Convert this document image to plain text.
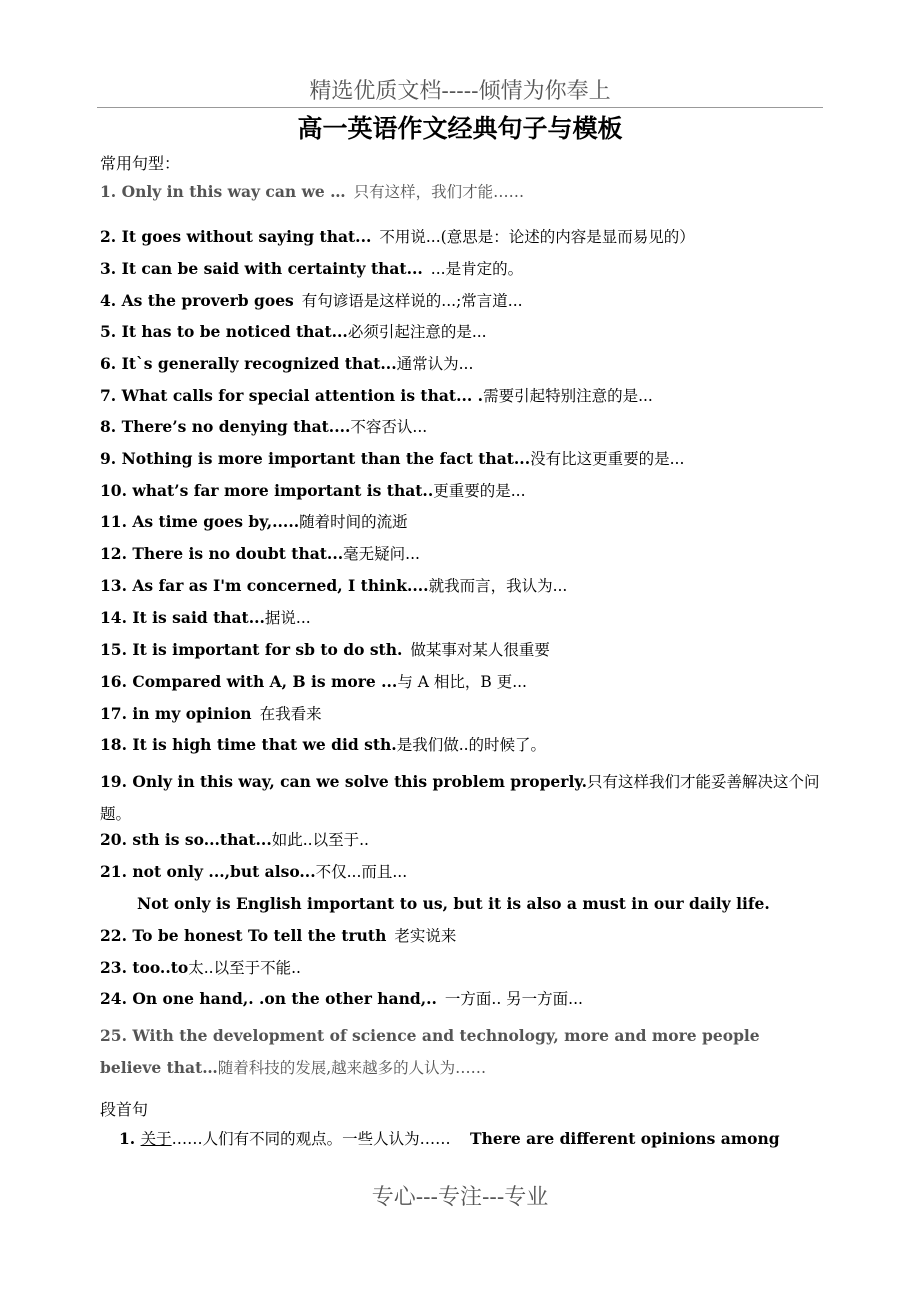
精选优质文档-----倾情为你奉上
高一英语作文经典句子与模板
常用句型：
1. Only in this way can we … 只有这样，我们才能……
2. It goes without saying that... 不用说...(意思是：论述的内容是显而易见的）
3. It can be said with certainty that... ...是肯定的。
4. As the proverb goes 有句谚语是这样说的...;常言道...
5. It has to be noticed that...必须引起注意的是...
6. It`s generally recognized that...通常认为...
7. What calls for special attention is that... .需要引起特别注意的是...
8. There’s no denying that....不容否认...
9. Nothing is more important than the fact that...没有比这更重要的是...
10. what’s far more important is that..更重要的是...
11. As time goes by,.....随着时间的流逝
12. There is no doubt that...毫无疑问...
13. As far as I'm concerned, I think....就我而言，我认为...
14. It is said that...据说...
15. It is important for sb to do sth. 做某事对某人很重要
16. Compared with A, B is more ...与 A 相比，B 更...
17. in my opinion 在我看来
18. It is high time that we did sth.是我们做..的时候了。
19. Only in this way, can we solve this problem properly.只有这样我们才能妥善解决这个问题。
20. sth is so...that...如此..以至于..
21. not only ...,but also...不仅...而且...
Not only is English important to us, but it is also a must in our daily life.
22. To be honest To tell the truth 老实说来
23. too..to太..以至于不能..
24. On one hand,. .on the other hand,.. 一方面.. 另一方面...
25. With the development of science and technology, more and more people believe that…随着科技的发展,越来越多的人认为……
段首句
1. 关于……人们有不同的观点。一些人认为…… There are different opinions among
专心---专注---专业
